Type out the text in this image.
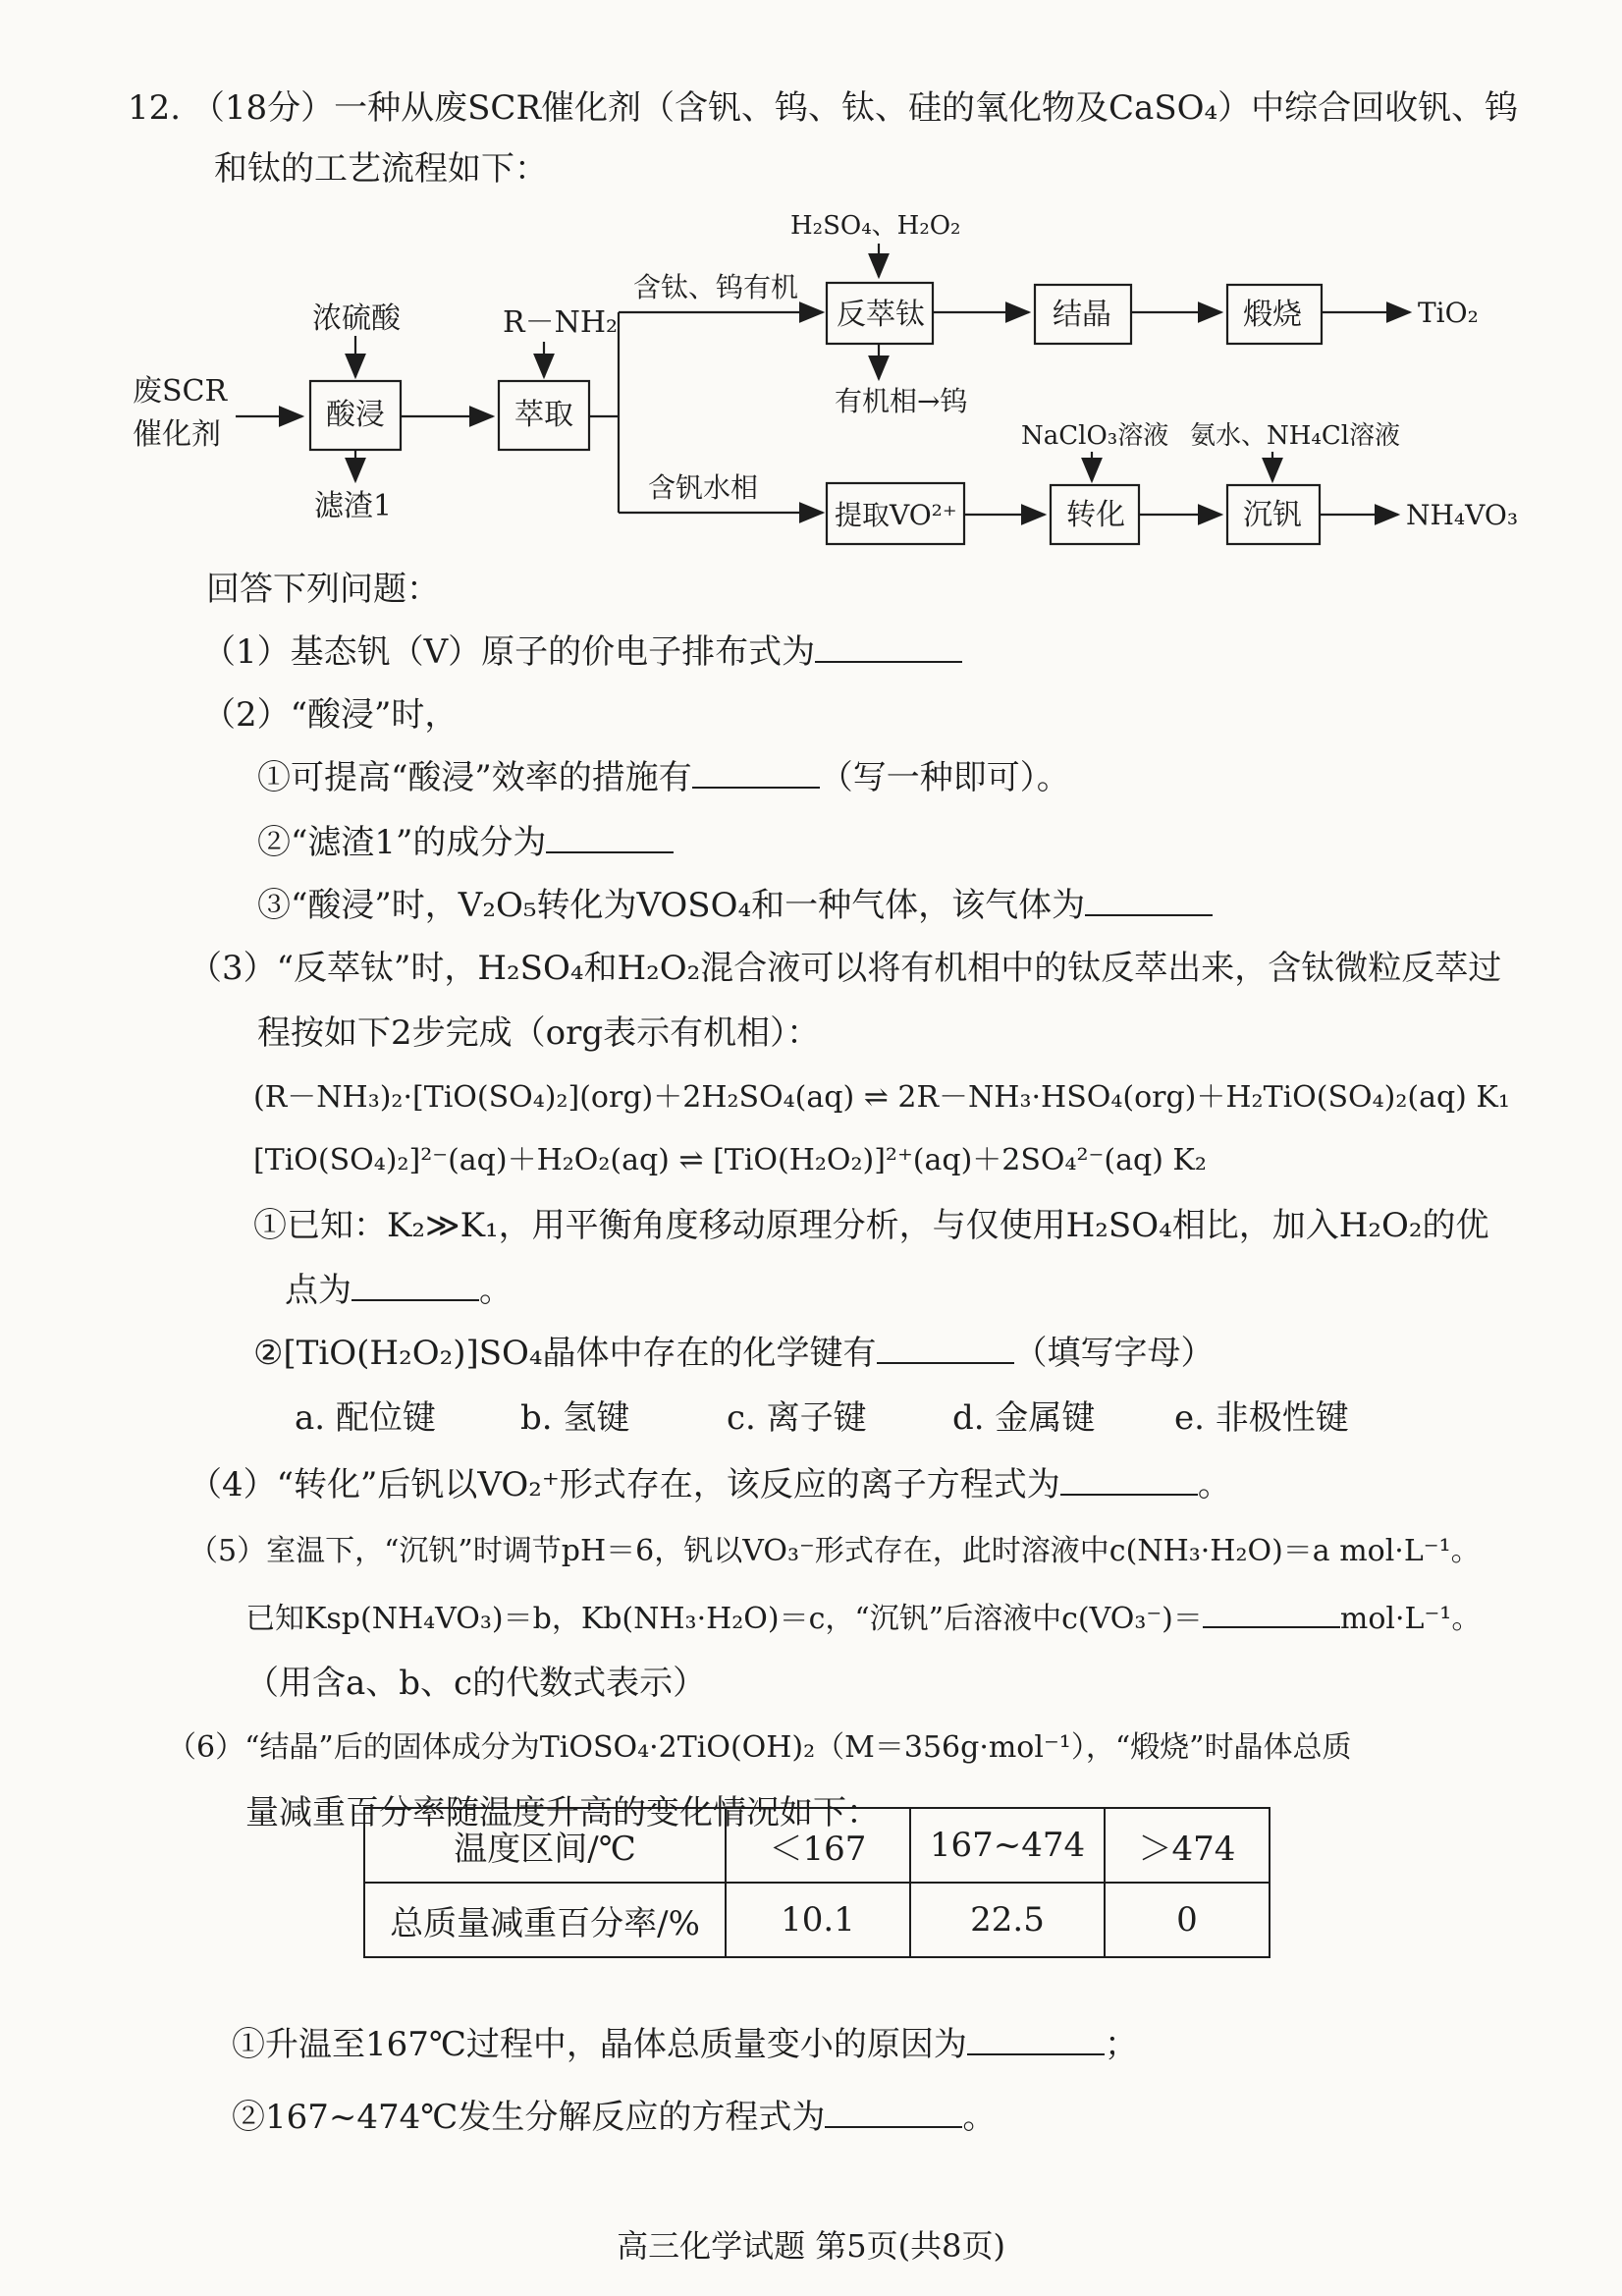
12. （18分）一种从废SCR催化剂（含钒、钨、钛、硅的氧化物及CaSO₄）中综合回收钒、钨
和钛的工艺流程如下：
废SCR
催化剂
浓硫酸
酸浸
滤渣1
R－NH₂
萃取
含钛、钨有机
含钒水相
H₂SO₄、H₂O₂
反萃钛
有机相→钨
结晶	煅烧	TiO₂
提取VO²⁺
NaClO₃溶液
转化
氨水、NH₄Cl溶液
沉钒	NH₄VO₃
回答下列问题：
（1）基态钒（V）原子的价电子排布式为
（2）“酸浸”时，
①可提高“酸浸”效率的措施有	（写一种即可）。
②“滤渣1”的成分为
③“酸浸”时，V₂O₅转化为VOSO₄和一种气体，该气体为
（3）“反萃钛”时，H₂SO₄和H₂O₂混合液可以将有机相中的钛反萃出来，含钛微粒反萃过
程按如下2步完成（org表示有机相）：
(R－NH₃)₂·[TiO(SO₄)₂](org)＋2H₂SO₄(aq) ⇌ 2R－NH₃·HSO₄(org)＋H₂TiO(SO₄)₂(aq) K₁
[TiO(SO₄)₂]²⁻(aq)＋H₂O₂(aq) ⇌ [TiO(H₂O₂)]²⁺(aq)＋2SO₄²⁻(aq) K₂
①已知：K₂≫K₁，用平衡角度移动原理分析，与仅使用H₂SO₄相比，加入H₂O₂的优
点为	。
②[TiO(H₂O₂)]SO₄晶体中存在的化学键有	（填写字母）
a. 配位键	b. 氢键	c. 离子键	d. 金属键 e. 非极性键
（4）“转化”后钒以VO₂⁺形式存在，该反应的离子方程式为	。
（5）室温下，“沉钒”时调节pH＝6，钒以VO₃⁻形式存在，此时溶液中c(NH₃·H₂O)＝a mol·L⁻¹。
已知Ksp(NH₄VO₃)＝b，Kb(NH₃·H₂O)＝c，“沉钒”后溶液中c(VO₃⁻)＝	mol·L⁻¹。
（用含a、b、c的代数式表示）
（6）“结晶”后的固体成分为TiOSO₄·2TiO(OH)₂（M＝356g·mol⁻¹），“煅烧”时晶体总质
量减重百分率随温度升高的变化情况如下：
温度区间/℃	＜167	167~474	＞474
总质量减重百分率/%	10.1	22.5	0
①升温至167℃过程中，晶体总质量变小的原因为	；
②167~474℃发生分解反应的方程式为	。
高三化学试题 第5页(共8页)
